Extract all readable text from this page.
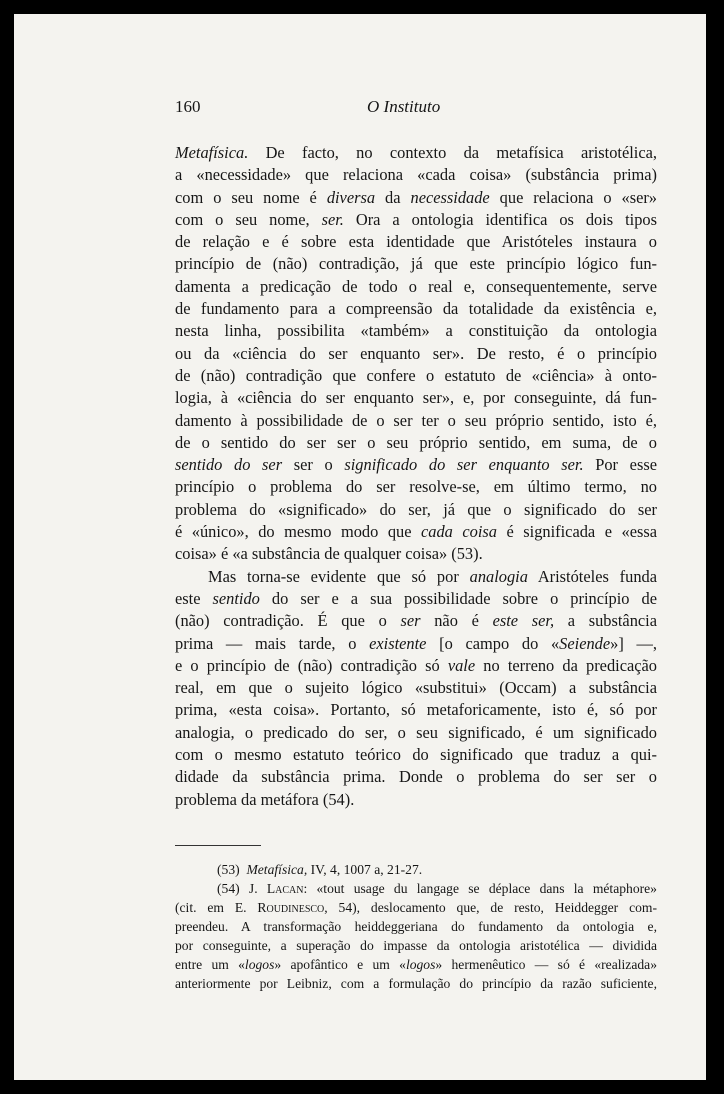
160	O Instituto
Metafísica. De facto, no contexto da metafísica aristotélica,
a «necessidade» que relaciona «cada coisa» (substância prima)
com o seu nome é diversa da necessidade que relaciona o «ser»
com o seu nome, ser. Ora a ontologia identifica os dois tipos
de relação e é sobre esta identidade que Aristóteles instaura o
princípio de (não) contradição, já que este princípio lógico fun-
damenta a predicação de todo o real e, consequentemente, serve
de fundamento para a compreensão da totalidade da existência e,
nesta linha, possibilita «também» a constituição da ontologia
ou da «ciência do ser enquanto ser». De resto, é o princípio
de (não) contradição que confere o estatuto de «ciência» à onto-
logia, à «ciência do ser enquanto ser», e, por conseguinte, dá fun-
damento à possibilidade de o ser ter o seu próprio sentido, isto é,
de o sentido do ser ser o seu próprio sentido, em suma, de o
sentido do ser ser o significado do ser enquanto ser. Por esse
princípio o problema do ser resolve-se, em último termo, no
problema do «significado» do ser, já que o significado do ser
é «único», do mesmo modo que cada coisa é significada e «essa
coisa» é «a substância de qualquer coisa» (53).
Mas torna-se evidente que só por analogia Aristóteles funda
este sentido do ser e a sua possibilidade sobre o princípio de
(não) contradição. É que o ser não é este ser, a substância
prima — mais tarde, o existente [o campo do «Seiende»] —,
e o princípio de (não) contradição só vale no terreno da predicação
real, em que o sujeito lógico «substitui» (Occam) a substância
prima, «esta coisa». Portanto, só metaforicamente, isto é, só por
analogia, o predicado do ser, o seu significado, é um significado
com o mesmo estatuto teórico do significado que traduz a qui-
didade da substância prima. Donde o problema do ser ser o
problema da metáfora (54).
(53) Metafísica, IV, 4, 1007 a, 21-27.
(54) J. Lacan: «tout usage du langage se déplace dans la métaphore»
(cit. em E. Roudinesco, 54), deslocamento que, de resto, Heiddegger com-
preendeu. A transformação heiddeggeriana do fundamento da ontologia e,
por conseguinte, a superação do impasse da ontologia aristotélica — dividida
entre um «logos» apofântico e um «logos» hermenêutico — só é «realizada»
anteriormente por Leibniz, com a formulação do princípio da razão suficiente,
